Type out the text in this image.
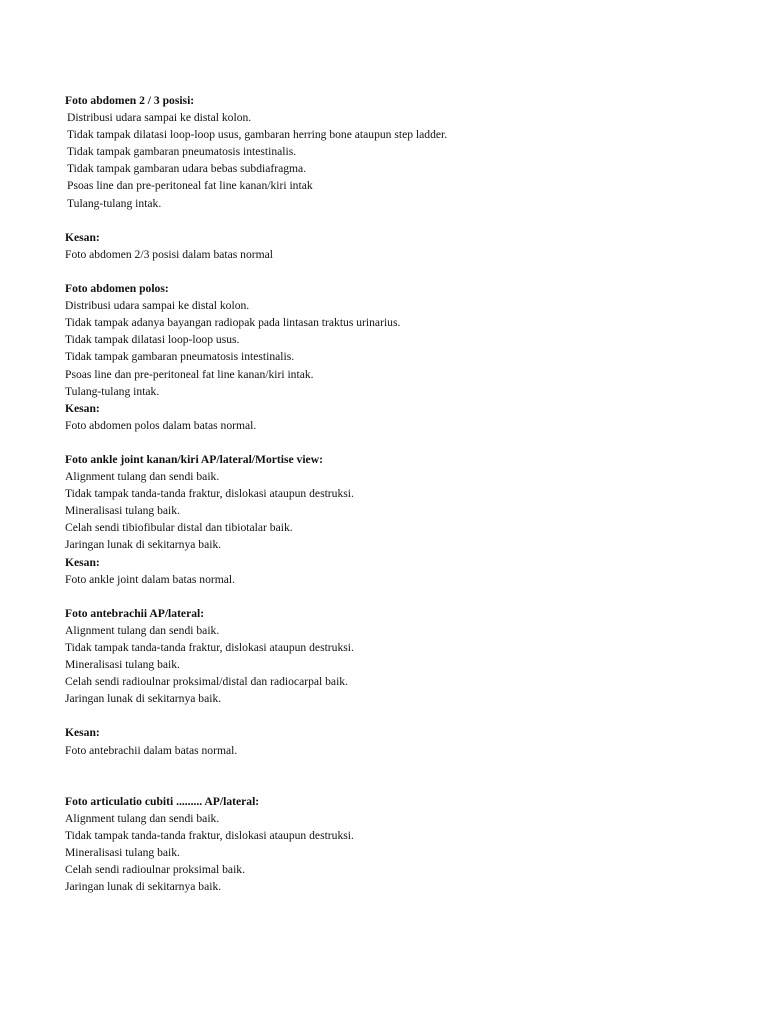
Foto abdomen 2 / 3 posisi:
Distribusi udara sampai ke distal kolon.
Tidak tampak dilatasi loop-loop usus, gambaran herring bone ataupun step ladder.
Tidak tampak gambaran pneumatosis intestinalis.
Tidak tampak gambaran udara bebas subdiafragma.
Psoas line dan pre-peritoneal fat line kanan/kiri intak
Tulang-tulang intak.
Kesan:
Foto abdomen 2/3 posisi dalam batas normal
Foto abdomen polos:
Distribusi udara sampai ke distal kolon.
Tidak tampak adanya bayangan radiopak pada lintasan traktus urinarius.
Tidak tampak dilatasi loop-loop usus.
Tidak tampak gambaran pneumatosis intestinalis.
Psoas line dan pre-peritoneal fat line kanan/kiri intak.
Tulang-tulang intak.
Kesan:
Foto abdomen polos dalam batas normal.
Foto ankle joint kanan/kiri AP/lateral/Mortise view:
Alignment tulang dan sendi baik.
Tidak tampak tanda-tanda fraktur, dislokasi ataupun destruksi.
Mineralisasi tulang baik.
Celah sendi tibiofibular distal dan tibiotalar baik.
Jaringan lunak di sekitarnya baik.
Kesan:
Foto ankle joint dalam batas normal.
Foto antebrachii AP/lateral:
Alignment tulang dan sendi baik.
Tidak tampak tanda-tanda fraktur, dislokasi ataupun destruksi.
Mineralisasi tulang baik.
Celah sendi radioulnar proksimal/distal dan radiocarpal baik.
Jaringan lunak di sekitarnya baik.
Kesan:
Foto antebrachii dalam batas normal.
Foto articulatio cubiti ......... AP/lateral:
Alignment tulang dan sendi baik.
Tidak tampak tanda-tanda fraktur, dislokasi ataupun destruksi.
Mineralisasi tulang baik.
Celah sendi radioulnar proksimal baik.
Jaringan lunak di sekitarnya baik.
